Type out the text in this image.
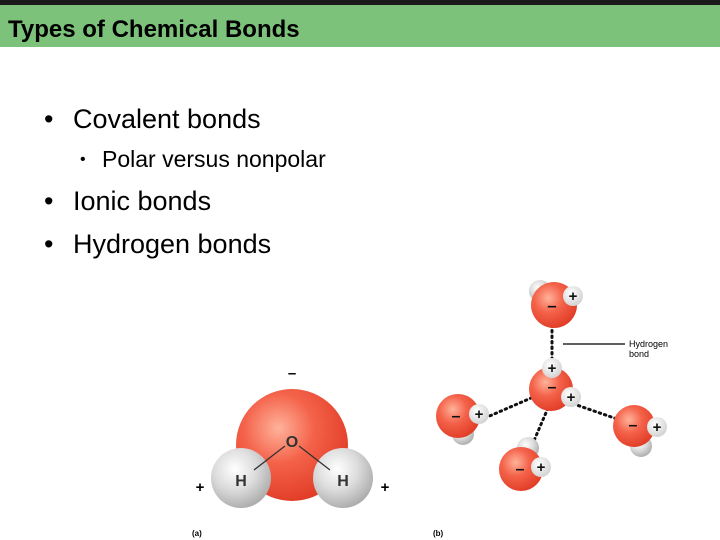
Types of Chemical Bonds
• Covalent bonds
• Polar versus nonpolar
• Ionic bonds
• Hydrogen bonds
O
H	H
–
+	+
– +
+
–
+
– +
– +
– +
Hydrogen
bond
(a)	(b)
